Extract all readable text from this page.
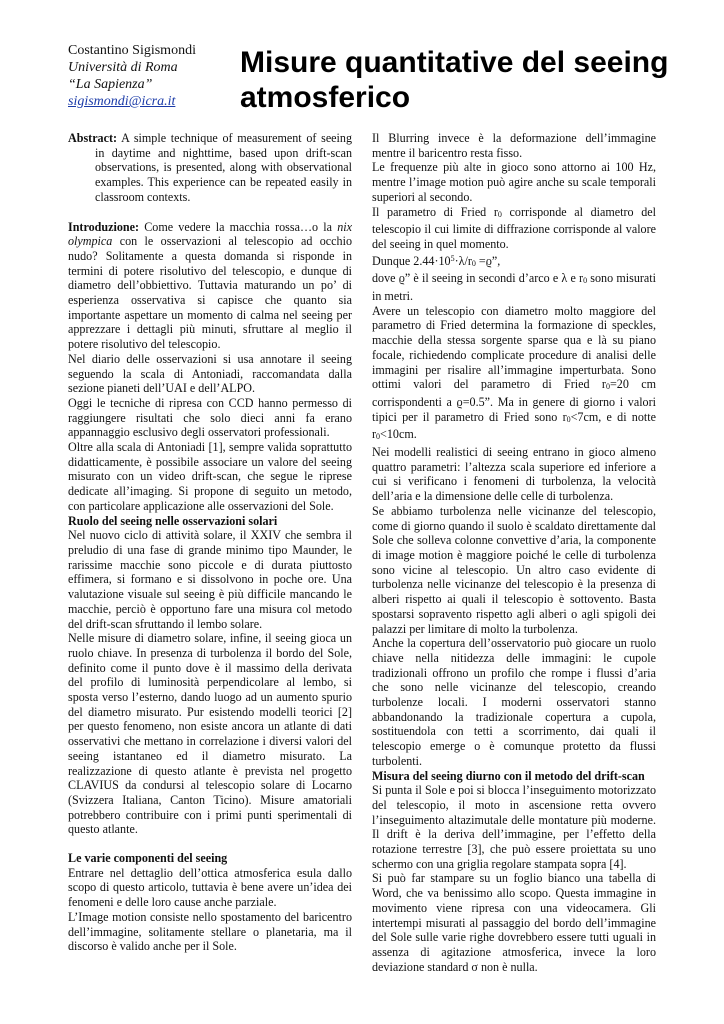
Costantino Sigismondi
Università di Roma
“La Sapienza”
sigismondi@icra.it
Misure quantitative del seeing atmosferico

Abstract: A simple technique of measurement of seeing in daytime and nighttime, based upon drift-scan observations, is presented, along with observational examples. This experience can be repeated easily in classroom contexts.

Introduzione: Come vedere la macchia rossa…o la nix olympica con le osservazioni al telescopio ad occhio nudo? Solitamente a questa domanda si risponde in termini di potere risolutivo del telescopio, e dunque di diametro dell’obbiettivo. Tuttavia maturando un po’ di esperienza osservativa si capisce che quanto sia importante aspettare un momento di calma nel seeing per apprezzare i dettagli più minuti, sfruttare al meglio il potere risolutivo del telescopio.

Nel diario delle osservazioni si usa annotare il seeing seguendo la scala di Antoniadi, raccomandata dalla sezione pianeti dell’UAI e dell’ALPO.

Oggi le tecniche di ripresa con CCD hanno permesso di raggiungere risultati che solo dieci anni fa erano appannaggio esclusivo degli osservatori professionali.

Oltre alla scala di Antoniadi [1], sempre valida soprattutto didatticamente, è possibile associare un valore del seeing misurato con un video drift-scan, che segue le riprese dedicate all’imaging. Si propone di seguito un metodo, con particolare applicazione alle osservazioni del Sole.

Ruolo del seeing nelle osservazioni solari

Nel nuovo ciclo di attività solare, il XXIV che sembra il preludio di una fase di grande minimo tipo Maunder, le rarissime macchie sono piccole e di durata piuttosto effimera, si formano e si dissolvono in poche ore. Una valutazione visuale sul seeing è più difficile mancando le macchie, perciò è opportuno fare una misura col metodo del drift-scan sfruttando il lembo solare.

Nelle misure di diametro solare, infine, il seeing gioca un ruolo chiave. In presenza di turbolenza il bordo del Sole, definito come il punto dove è il massimo della derivata del profilo di luminosità perpendicolare al lembo, si sposta verso l’esterno, dando luogo ad un aumento spurio del diametro misurato. Pur esistendo modelli teorici [2] per questo fenomeno, non esiste ancora un atlante di dati osservativi che mettano in correlazione i diversi valori del seeing istantaneo ed il diametro misurato. La realizzazione di questo atlante è prevista nel progetto CLAVIUS da condursi al telescopio solare di Locarno (Svizzera Italiana, Canton Ticino). Misure amatoriali potrebbero contribuire con i primi punti sperimentali di questo atlante.

Le varie componenti del seeing

Entrare nel dettaglio dell’ottica atmosferica esula dallo scopo di questo articolo, tuttavia è bene avere un’idea dei fenomeni e delle loro cause anche parziale.

L’Image motion consiste nello spostamento del baricentro dell’immagine, solitamente stellare o planetaria, ma il discorso è valido anche per il Sole.

Il Blurring invece è la deformazione dell’immagine mentre il baricentro resta fisso.

Le frequenze più alte in gioco sono attorno ai 100 Hz, mentre l’image motion può agire anche su scale temporali superiori al secondo.

Il parametro di Fried r0 corrisponde al diametro del telescopio il cui limite di diffrazione corrisponde al valore del seeing in quel momento.

Dunque $2.44\cdot 10^5\cdot\lambda/r0 =ϱ$”,

dove ϱ” è il seeing in secondi d’arco e λ e r0 sono misurati in metri.

Avere un telescopio con diametro molto maggiore del parametro di Fried determina la formazione di speckles, macchie della stessa sorgente sparse qua e là su piano focale, richiedendo complicate procedure di analisi delle immagini per risalire all’immagine imperturbata. Sono ottimi valori del parametro di Fried r0=20 cm corrispondenti a ϱ=0.5”. Ma in genere di giorno i valori tipici per il parametro di Fried sono r0<7cm, e di notte r0<10cm.

Nei modelli realistici di seeing entrano in gioco almeno quattro parametri: l’altezza scala superiore ed inferiore a cui si verificano i fenomeni di turbolenza, la velocità dell’aria e la dimensione delle celle di turbolenza.

Se abbiamo turbolenza nelle vicinanze del telescopio, come di giorno quando il suolo è scaldato direttamente dal Sole che solleva colonne convettive d’aria, la componente di image motion è maggiore poiché le celle di turbolenza sono vicine al telescopio. Un altro caso evidente di turbolenza nelle vicinanze del telescopio è la presenza di alberi rispetto ai quali il telescopio è sottovento. Basta spostarsi sopravento rispetto agli alberi o agli spigoli dei palazzi per limitare di molto la turbolenza.

Anche la copertura dell’osservatorio può giocare un ruolo chiave nella nitidezza delle immagini: le cupole tradizionali offrono un profilo che rompe i flussi d’aria che sono nelle vicinanze del telescopio, creando turbolenze locali. I moderni osservatori stanno abbandonando la tradizionale copertura a cupola, sostituendola con tetti a scorrimento, dai quali il telescopio emerge o è comunque protetto da flussi turbolenti.

Misura del seeing diurno con il metodo del drift-scan

Si punta il Sole e poi si blocca l’inseguimento motorizzato del telescopio, il moto in ascensione retta ovvero l’inseguimento altazimutale delle montature più moderne. Il drift è la deriva dell’immagine, per l’effetto della rotazione terrestre [3], che può essere proiettata su uno schermo con una griglia regolare stampata sopra [4].

Si può far stampare su un foglio bianco una tabella di Word, che va benissimo allo scopo. Questa immagine in movimento viene ripresa con una videocamera. Gli intertempi misurati al passaggio del bordo dell’immagine del Sole sulle varie righe dovrebbero essere tutti uguali in assenza di agitazione atmosferica, invece la loro deviazione standard σ non è nulla.
